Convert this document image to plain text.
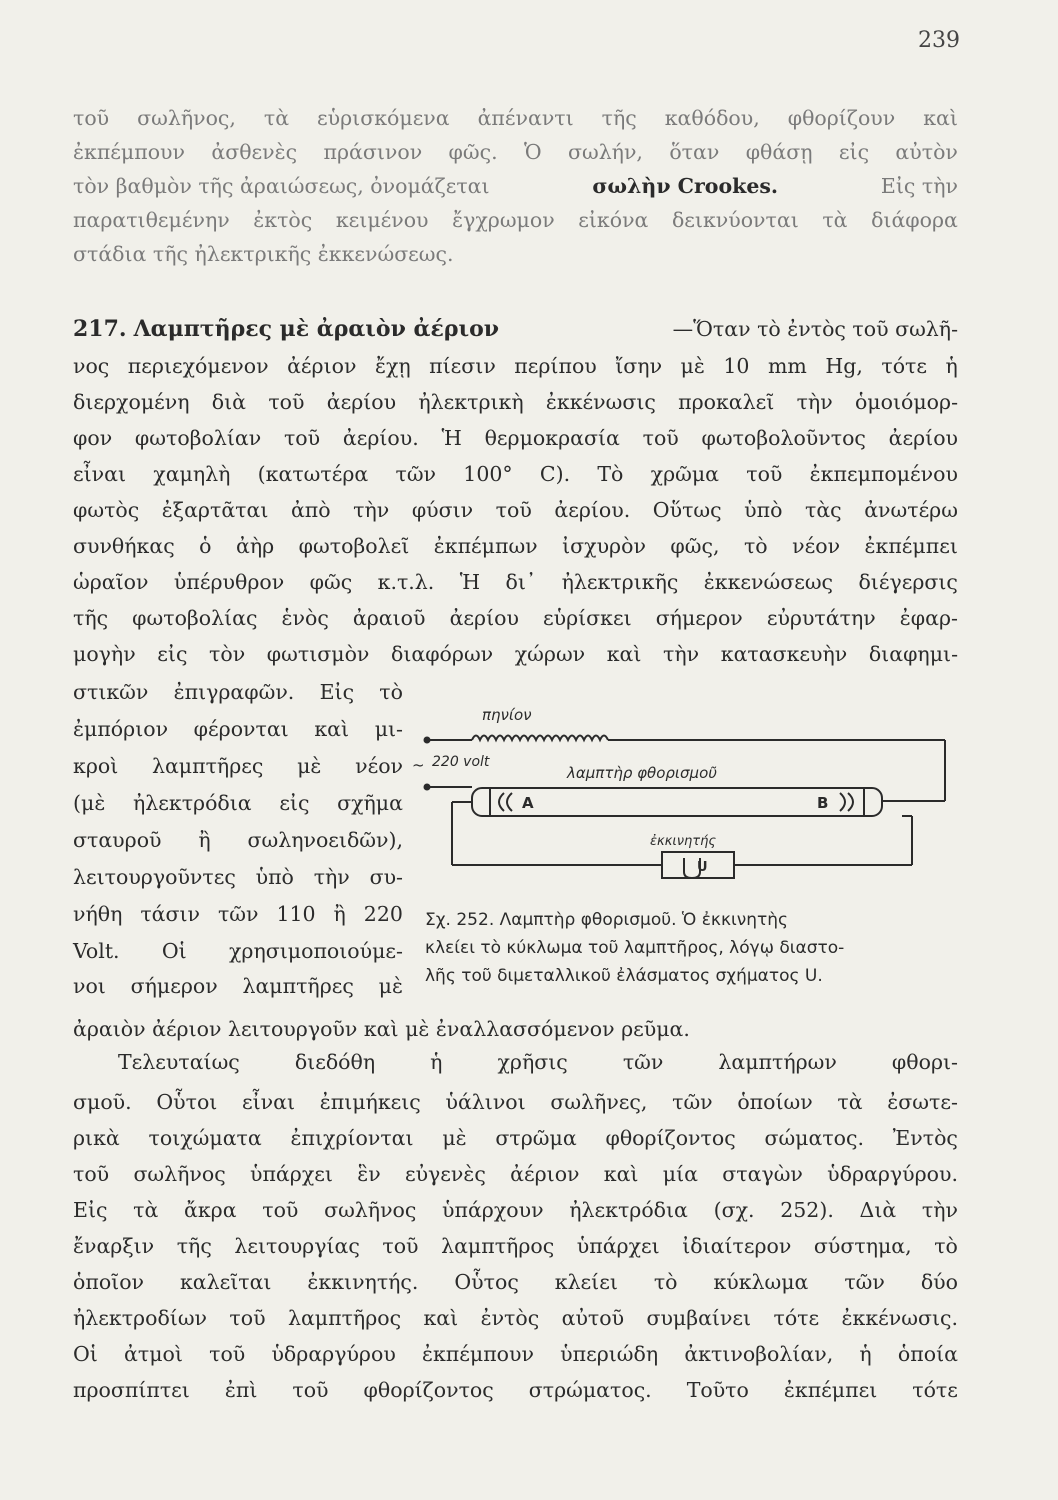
239
τοῦ σωλῆνος, τὰ εὑρισκόμενα ἀπέναντι τῆς καθόδου, φθορίζουν καὶ
ἐκπέμπουν ἀσθενὲς πράσινον φῶς. Ὁ σωλήν, ὅταν φθάσῃ εἰς αὐτὸν
τὸν βαθμὸν τῆς ἀραιώσεως, ὀνομάζεται	σωλὴν Crookes.	Εἰς τὴν
παρατιθεμένην ἐκτὸς κειμένου ἔγχρωμον εἰκόνα δεικνύονται τὰ διάφορα
στάδια τῆς ἠλεκτρικῆς ἐκκενώσεως.
217. Λαμπτῆρες μὲ ἀραιὸν ἀέριον	—Ὅταν τὸ ἐντὸς τοῦ σωλῆ-
νος περιεχόμενον ἀέριον ἔχῃ πίεσιν περίπου ἴσην μὲ 10 mm Hg, τότε ἡ
διερχομένη διὰ τοῦ ἀερίου ἠλεκτρικὴ ἐκκένωσις προκαλεῖ τὴν ὁμοιόμορ-
φον φωτοβολίαν τοῦ ἀερίου. Ἡ θερμοκρασία τοῦ φωτοβολοῦντος ἀερίου
εἶναι χαμηλὴ (κατωτέρα τῶν 100° C). Τὸ χρῶμα τοῦ ἐκπεμπομένου
φωτὸς ἐξαρτᾶται ἀπὸ τὴν φύσιν τοῦ ἀερίου. Οὕτως ὑπὸ τὰς ἀνωτέρω
συνθήκας ὁ ἀὴρ φωτοβολεῖ ἐκπέμπων ἰσχυρὸν φῶς, τὸ νέον ἐκπέμπει
ὡραῖον ὑπέρυθρον φῶς κ.τ.λ. Ἡ δι᾽ ἠλεκτρικῆς ἐκκενώσεως διέγερσις
τῆς φωτοβολίας ἑνὸς ἀραιοῦ ἀερίου εὑρίσκει σήμερον εὐρυτάτην ἐφαρ-
μογὴν εἰς τὸν φωτισμὸν διαφόρων χώρων καὶ τὴν κατασκευὴν διαφημι-
στικῶν ἐπιγραφῶν. Εἰς τὸ
ἐμπόριον φέρονται καὶ μι-
κροὶ λαμπτῆρες μὲ νέον
(μὲ ἠλεκτρόδια εἰς σχῆμα
σταυροῦ ἢ σωληνοειδῶν),
λειτουργοῦντες ὑπὸ τὴν συ-
νήθη τάσιν τῶν 110 ἢ 220
Volt. Οἱ χρησιμοποιούμε-
νοι σήμερον λαμπτῆρες μὲ
πηνίον
~ 220 volt
λαμπτὴρ φθορισμοῦ
ἐκκινητής
A	B
U
Σχ. 252. Λαμπτὴρ φθορισμοῦ. Ὁ ἐκκινητὴς
κλείει τὸ κύκλωμα τοῦ λαμπτῆρος, λόγῳ διαστο-
λῆς τοῦ διμεταλλικοῦ ἐλάσματος σχήματος U.
ἀραιὸν ἀέριον λειτουργοῦν καὶ μὲ ἐναλλασσόμενον ρεῦμα.
Τελευταίως	διεδόθη	ἡ	χρῆσις	τῶν	λαμπτήρων	φθορι-
σμοῦ. Οὗτοι εἶναι ἐπιμήκεις ὑάλινοι σωλῆνες, τῶν ὁποίων τὰ ἐσωτε-
ρικὰ τοιχώματα ἐπιχρίονται μὲ στρῶμα φθορίζοντος σώματος. Ἐντὸς
τοῦ σωλῆνος ὑπάρχει ἓν εὐγενὲς ἀέριον καὶ μία σταγὼν ὑδραργύρου.
Εἰς τὰ ἄκρα τοῦ σωλῆνος ὑπάρχουν ἠλεκτρόδια (σχ. 252). Διὰ τὴν
ἔναρξιν τῆς λειτουργίας τοῦ λαμπτῆρος ὑπάρχει ἰδιαίτερον σύστημα, τὸ
ὁποῖον καλεῖται ἐκκινητής. Οὗτος κλείει τὸ κύκλωμα τῶν δύο
ἠλεκτροδίων τοῦ λαμπτῆρος καὶ ἐντὸς αὐτοῦ συμβαίνει τότε ἐκκένωσις.
Οἱ ἀτμοὶ τοῦ ὑδραργύρου ἐκπέμπουν ὑπεριώδη ἀκτινοβολίαν, ἡ ὁποία
προσπίπτει ἐπὶ τοῦ φθορίζοντος στρώματος. Τοῦτο ἐκπέμπει τότε
